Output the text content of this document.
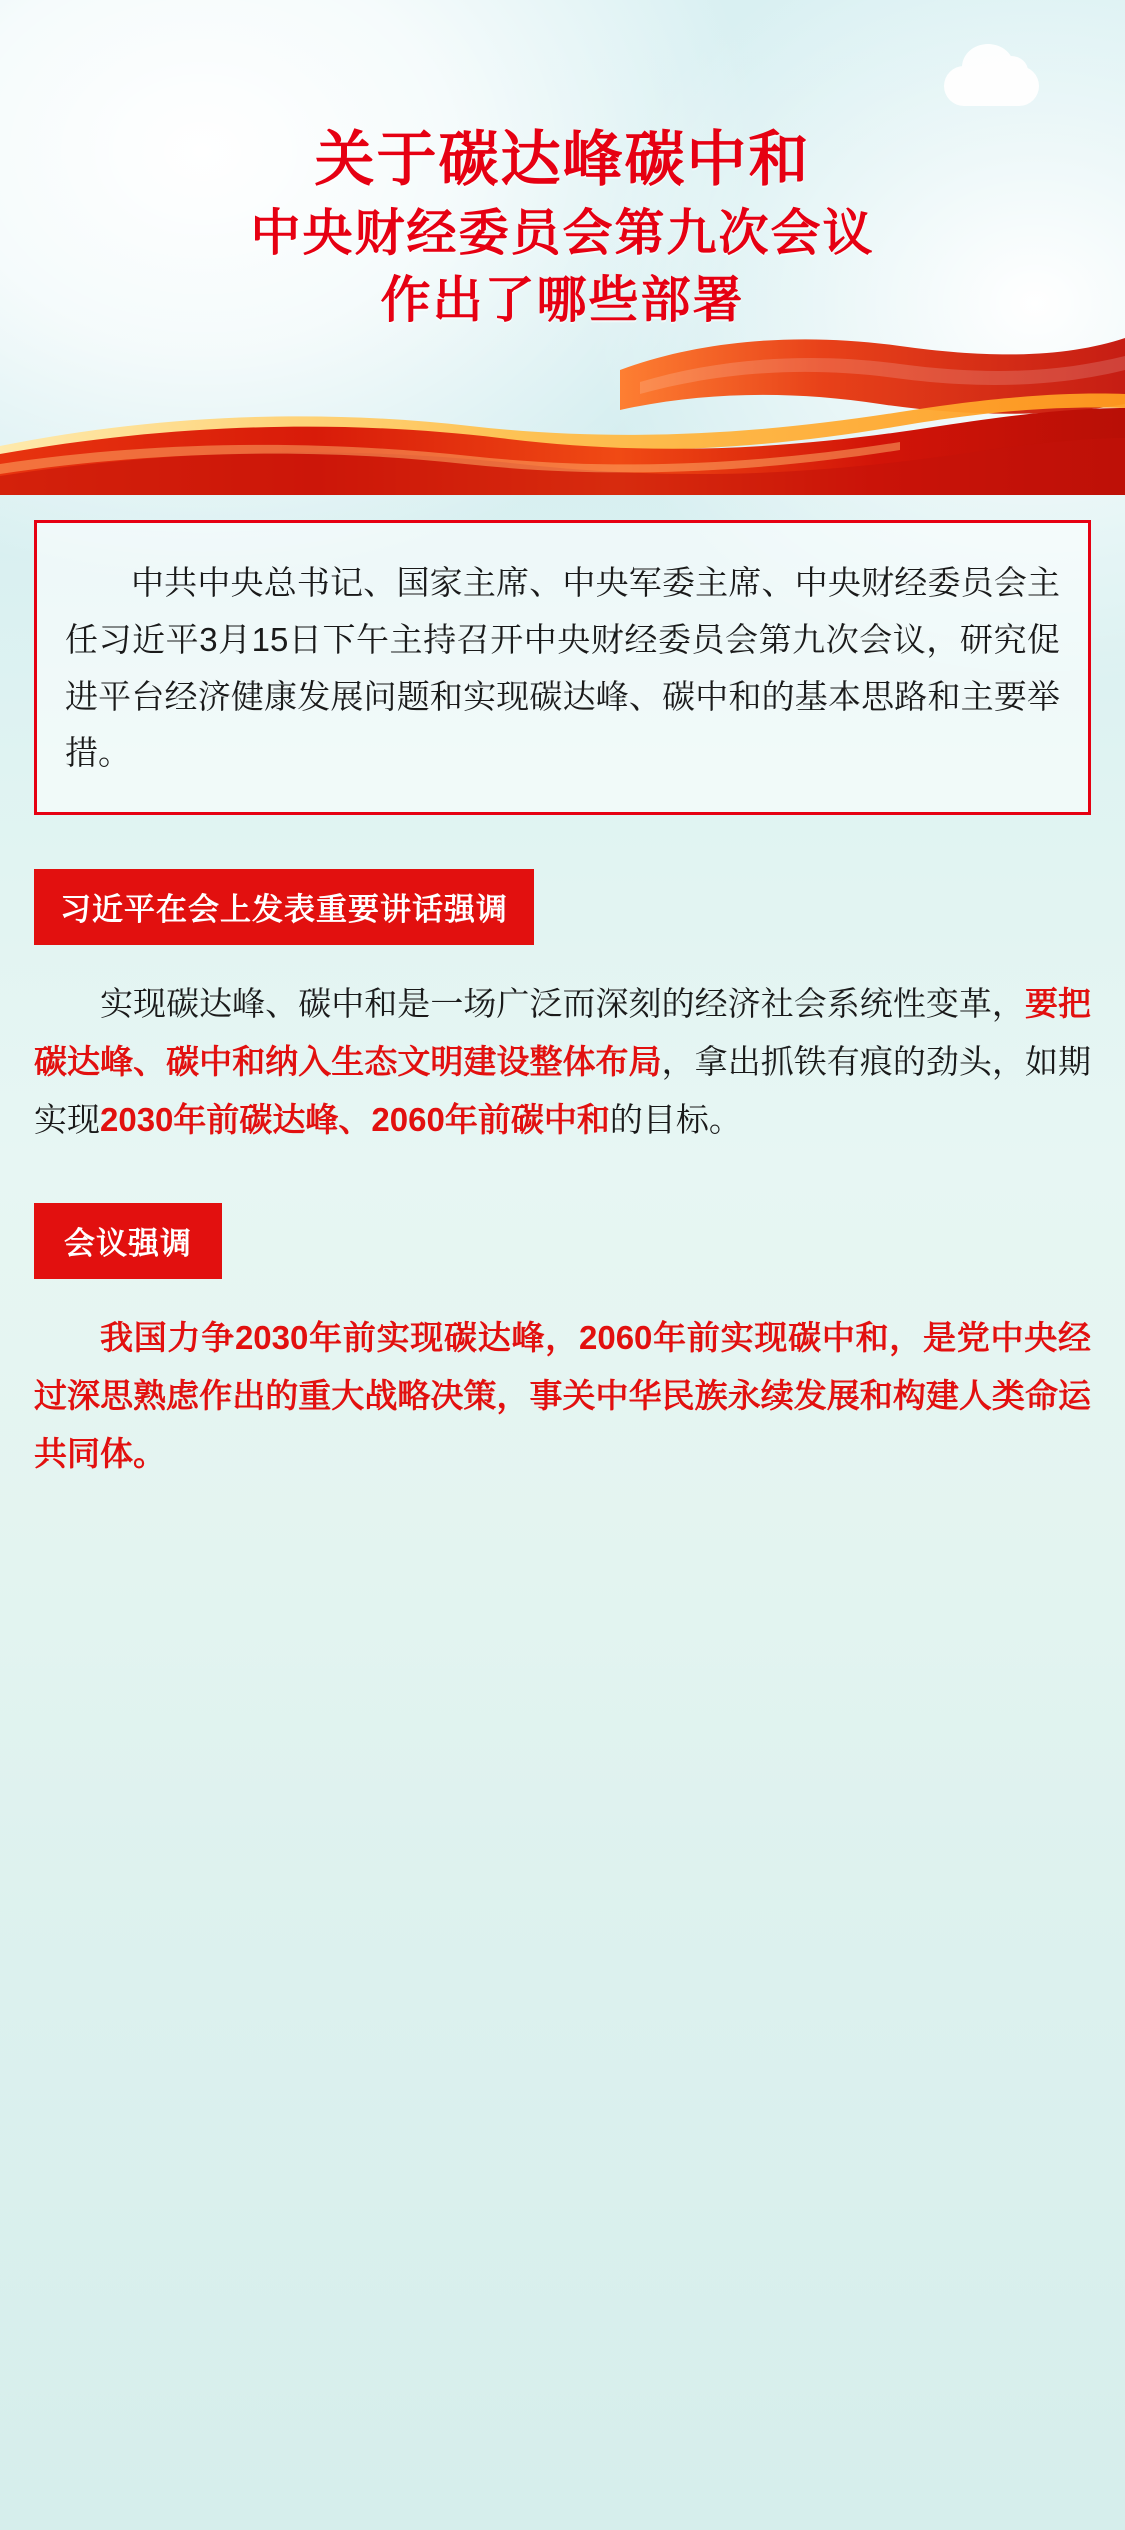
关于碳达峰碳中和
中央财经委员会第九次会议
作出了哪些部署

中共中央总书记、国家主席、中央军委主席、中央财经委员会主任习近平3月15日下午主持召开中央财经委员会第九次会议，研究促进平台经济健康发展问题和实现碳达峰、碳中和的基本思路和主要举措。

习近平在会上发表重要讲话强调

实现碳达峰、碳中和是一场广泛而深刻的经济社会系统性变革，要把碳达峰、碳中和纳入生态文明建设整体布局，拿出抓铁有痕的劲头，如期实现2030年前碳达峰、2060年前碳中和的目标。

会议强调

我国力争2030年前实现碳达峰，2060年前实现碳中和，是党中央经过深思熟虑作出的重大战略决策，事关中华民族永续发展和构建人类命运共同体。
